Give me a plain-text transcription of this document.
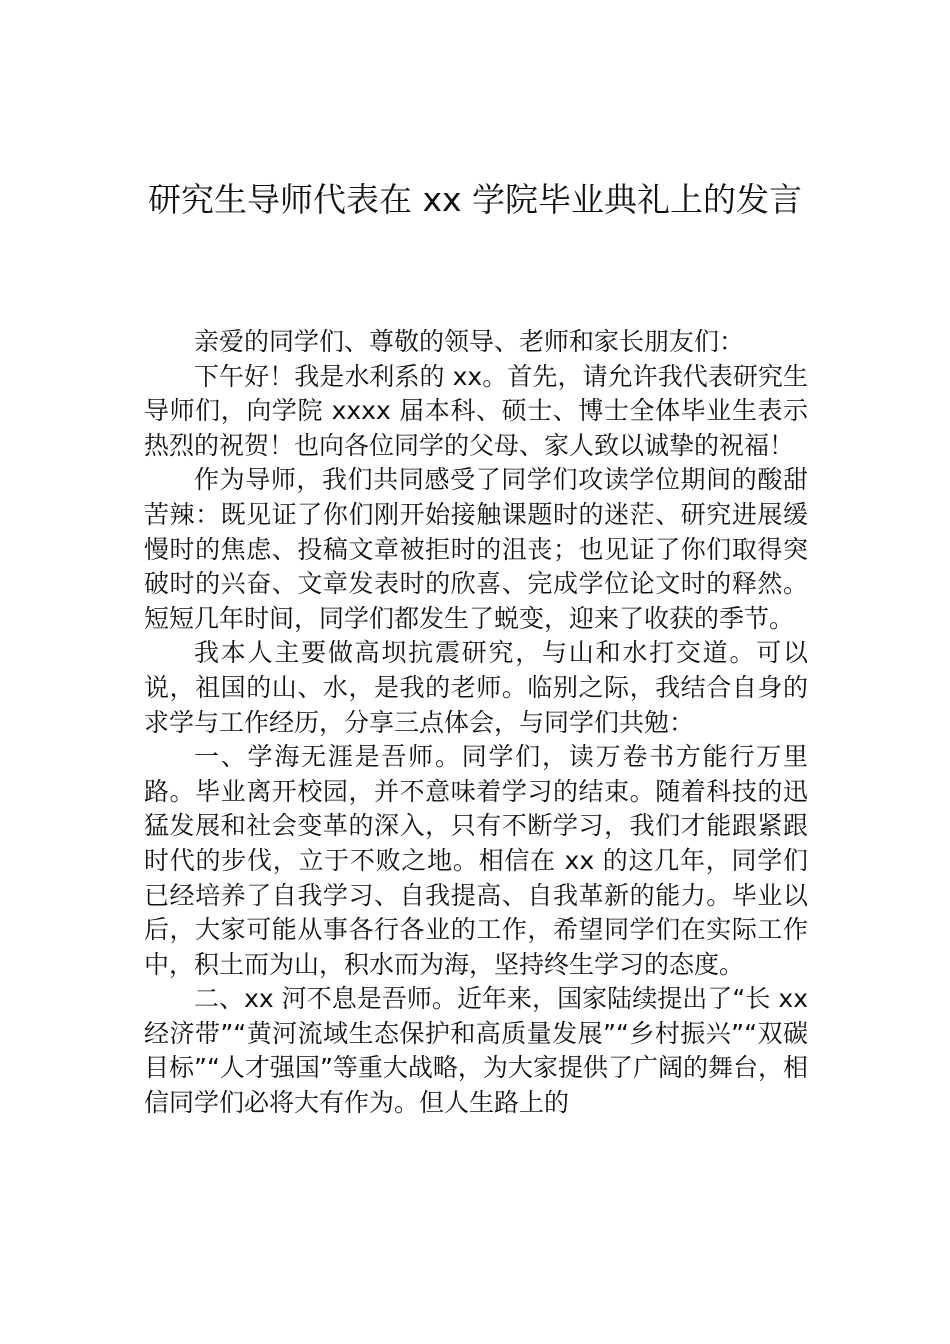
研究生导师代表在 xx 学院毕业典礼上的发言

亲爱的同学们、尊敬的领导、老师和家长朋友们：

下午好！我是水利系的 xx。首先，请允许我代表研究生导师们，向学院 xxxx 届本科、硕士、博士全体毕业生表示热烈的祝贺！也向各位同学的父母、家人致以诚挚的祝福！

作为导师，我们共同感受了同学们攻读学位期间的酸甜苦辣：既见证了你们刚开始接触课题时的迷茫、研究进展缓慢时的焦虑、投稿文章被拒时的沮丧；也见证了你们取得突破时的兴奋、文章发表时的欣喜、完成学位论文时的释然。短短几年时间，同学们都发生了蜕变，迎来了收获的季节。

我本人主要做高坝抗震研究，与山和水打交道。可以说，祖国的山、水，是我的老师。临别之际，我结合自身的求学与工作经历，分享三点体会，与同学们共勉：

一、学海无涯是吾师。同学们，读万卷书方能行万里路。毕业离开校园，并不意味着学习的结束。随着科技的迅猛发展和社会变革的深入，只有不断学习，我们才能跟紧跟时代的步伐，立于不败之地。相信在 xx 的这几年，同学们已经培养了自我学习、自我提高、自我革新的能力。毕业以后，大家可能从事各行各业的工作，希望同学们在实际工作中，积土而为山，积水而为海，坚持终生学习的态度。

二、xx 河不息是吾师。近年来，国家陆续提出了“长 xx 经济带”“黄河流域生态保护和高质量发展”“乡村振兴”“双碳目标”“人才强国”等重大战略，为大家提供了广阔的舞台，相信同学们必将大有作为。但人生路上的
